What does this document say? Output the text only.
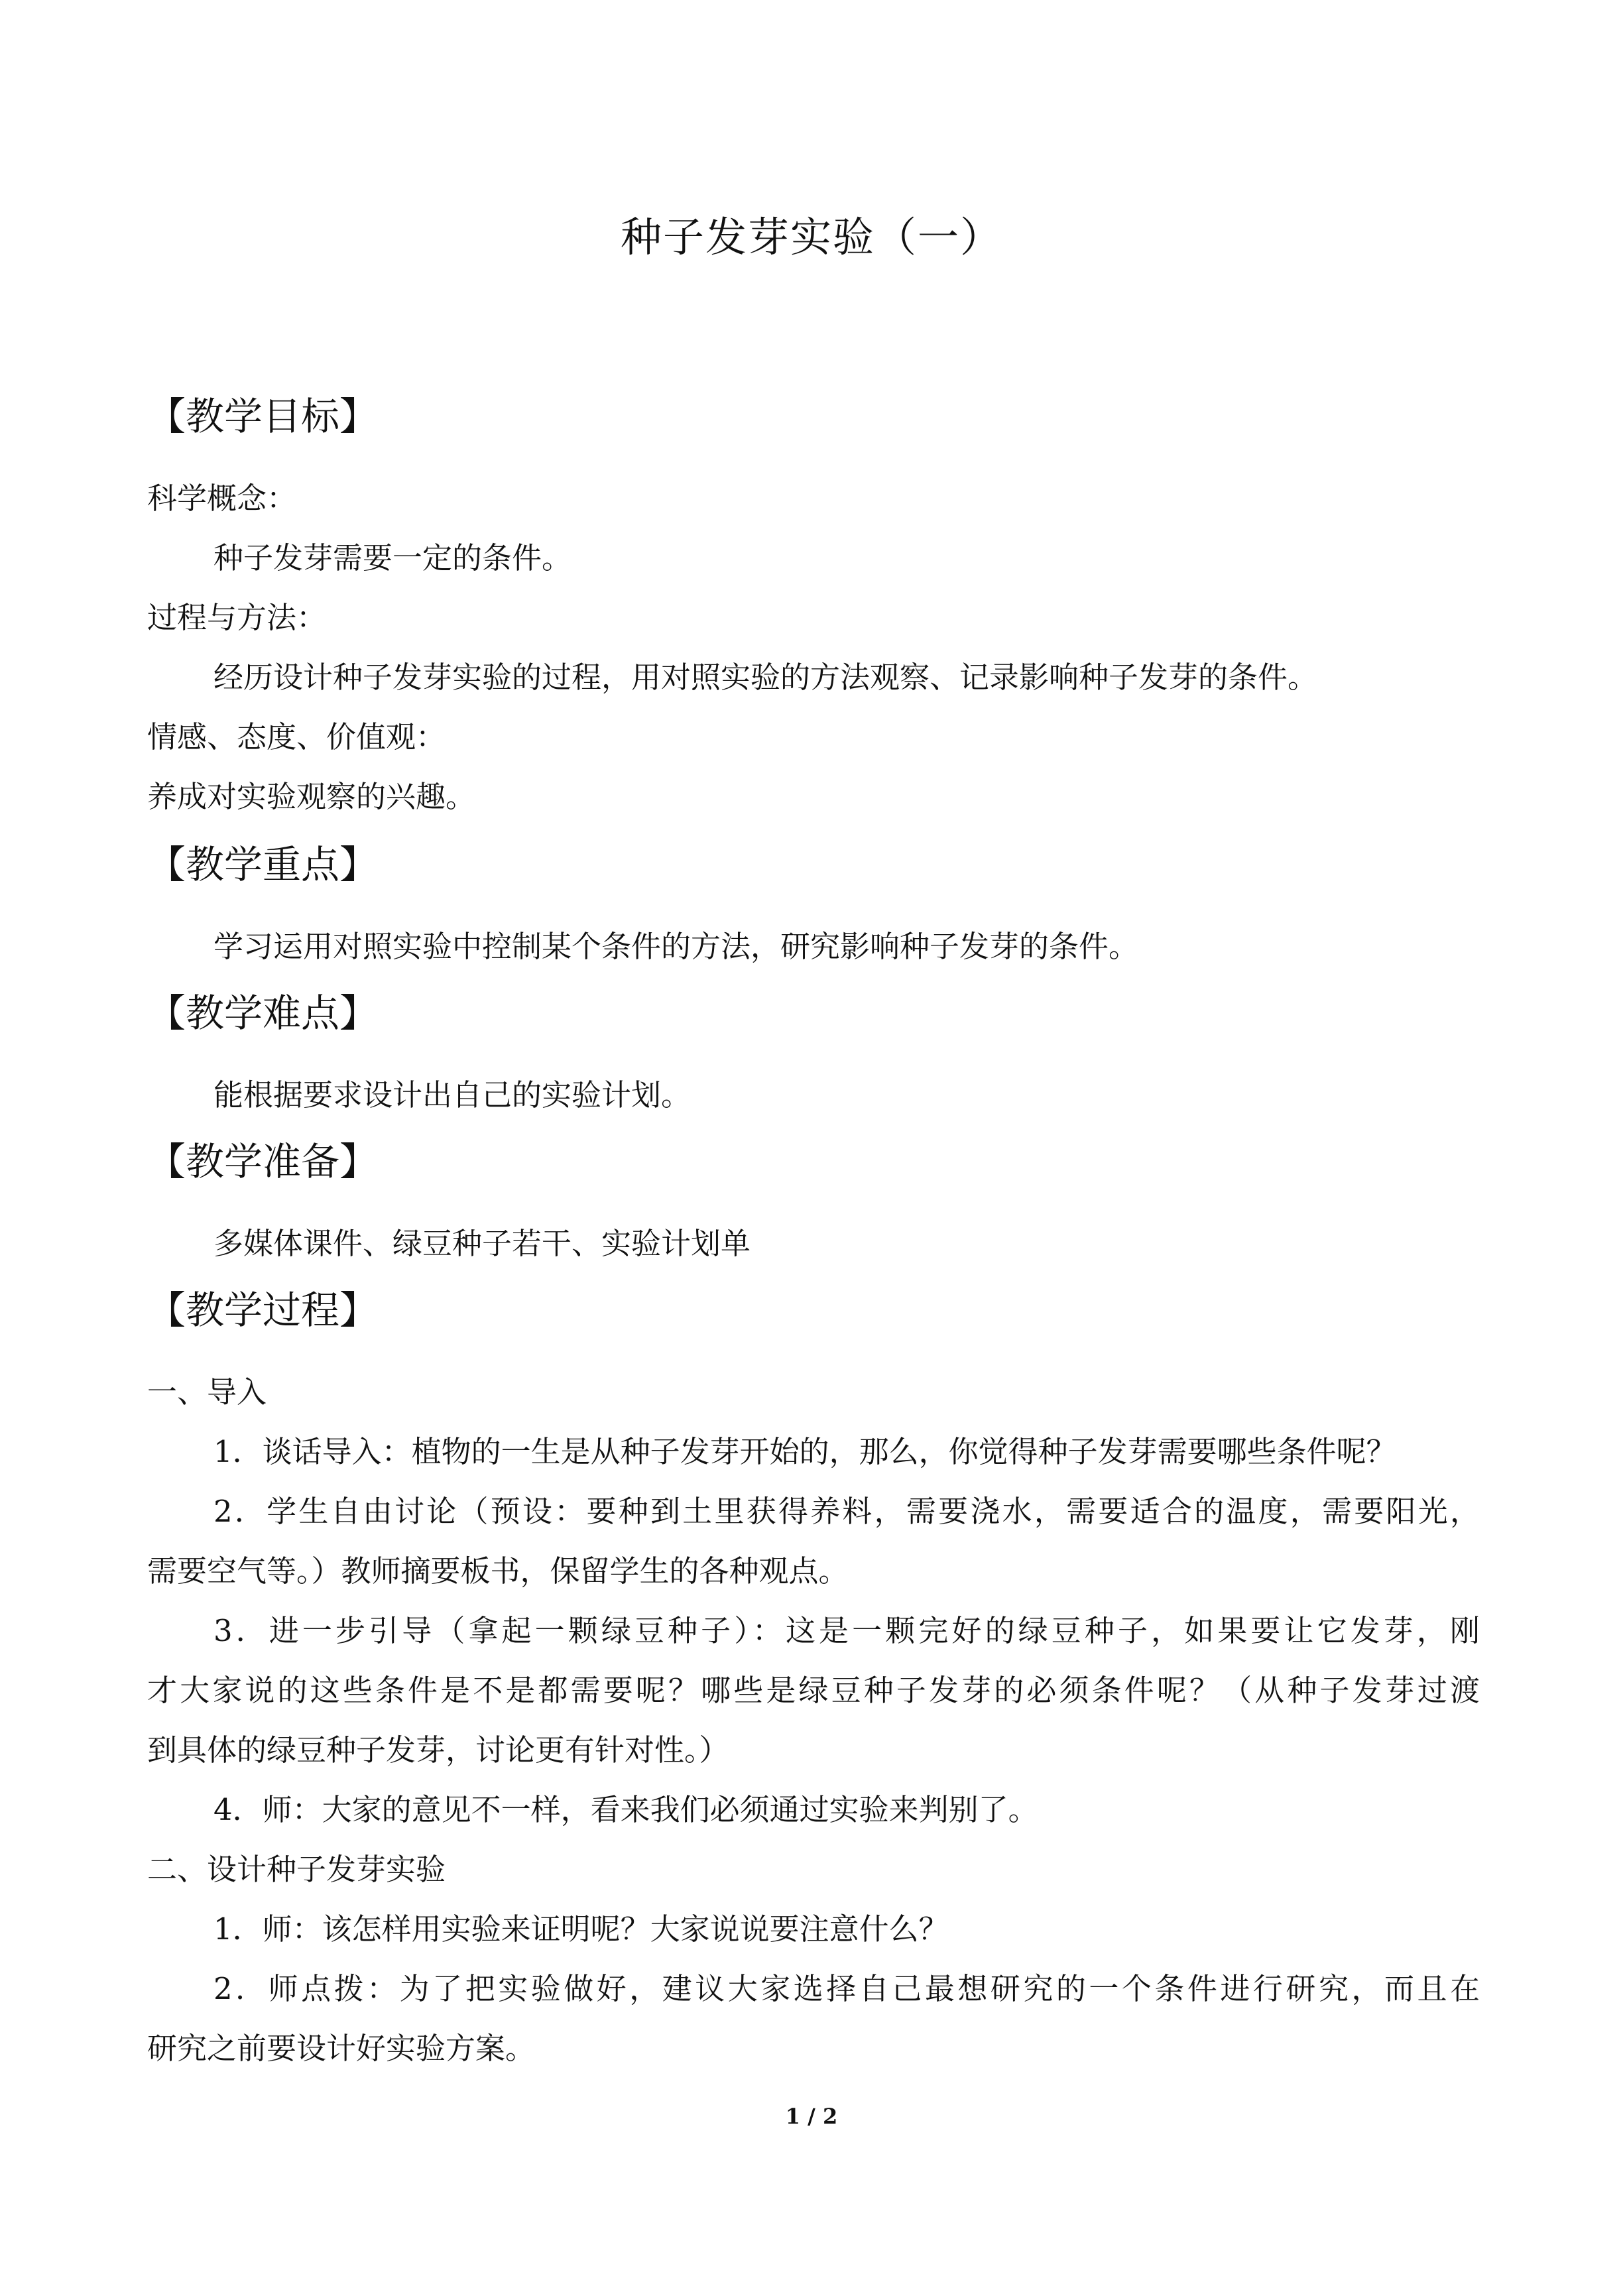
种子发芽实验（一）
【教学目标】
科学概念：
种子发芽需要一定的条件。
过程与方法：
经历设计种子发芽实验的过程，用对照实验的方法观察、记录影响种子发芽的条件。
情感、态度、价值观：
养成对实验观察的兴趣。
【教学重点】
学习运用对照实验中控制某个条件的方法，研究影响种子发芽的条件。
【教学难点】
能根据要求设计出自己的实验计划。
【教学准备】
多媒体课件、绿豆种子若干、实验计划单
【教学过程】
一、导入
1．谈话导入：植物的一生是从种子发芽开始的，那么，你觉得种子发芽需要哪些条件呢？
2．学生自由讨论（预设：要种到土里获得养料，需要浇水，需要适合的温度，需要阳光，
需要空气等。）教师摘要板书，保留学生的各种观点。
3．进一步引导（拿起一颗绿豆种子）：这是一颗完好的绿豆种子，如果要让它发芽，刚
才大家说的这些条件是不是都需要呢？哪些是绿豆种子发芽的必须条件呢？（从种子发芽过渡
到具体的绿豆种子发芽，讨论更有针对性。）
4．师：大家的意见不一样，看来我们必须通过实验来判别了。
二、设计种子发芽实验
1．师：该怎样用实验来证明呢？大家说说要注意什么？
2．师点拨：为了把实验做好，建议大家选择自己最想研究的一个条件进行研究，而且在
研究之前要设计好实验方案。
1 / 2
